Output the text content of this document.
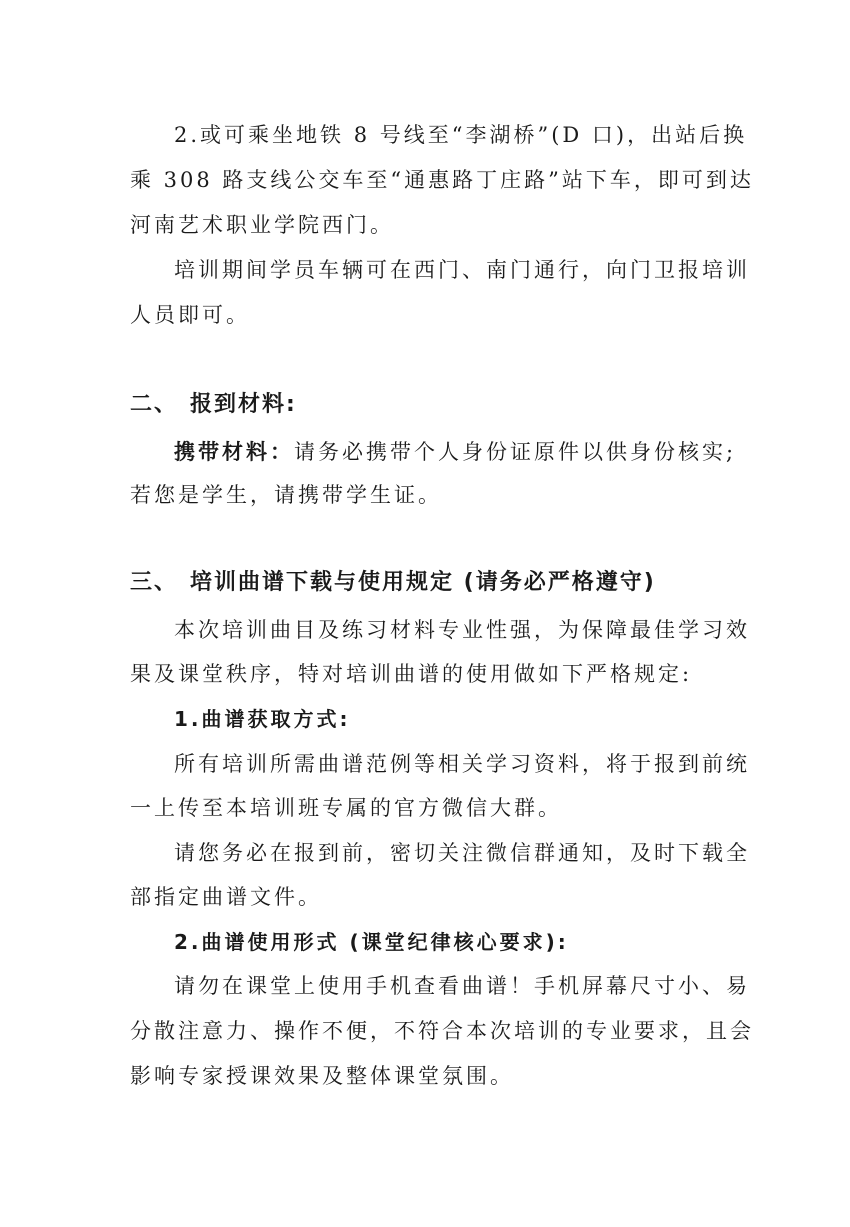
2.或可乘坐地铁 8 号线至“李湖桥”(D 口)，出站后换
乘 308 路支线公交车至“通惠路丁庄路”站下车，即可到达
河南艺术职业学院西门。
培训期间学员车辆可在西门、南门通行，向门卫报培训
人员即可。
二、 报到材料:
携带材料：请务必携带个人身份证原件以供身份核实;
若您是学生，请携带学生证。
三、 培训曲谱下载与使用规定 (请务必严格遵守)
本次培训曲目及练习材料专业性强，为保障最佳学习效
果及课堂秩序，特对培训曲谱的使用做如下严格规定:
1.曲谱获取方式:
所有培训所需曲谱范例等相关学习资料，将于报到前统
一上传至本培训班专属的官方微信大群。
请您务必在报到前，密切关注微信群通知，及时下载全
部指定曲谱文件。
2.曲谱使用形式 (课堂纪律核心要求):
请勿在课堂上使用手机查看曲谱！手机屏幕尺寸小、易
分散注意力、操作不便，不符合本次培训的专业要求，且会
影响专家授课效果及整体课堂氛围。
